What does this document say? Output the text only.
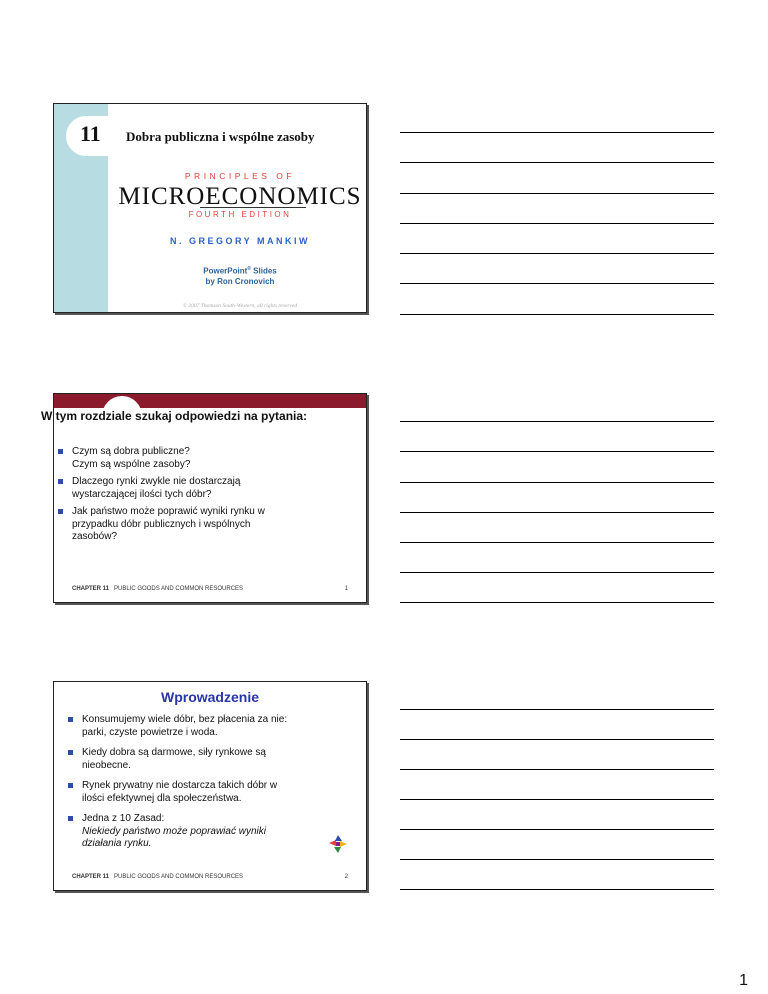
11 Dobra publiczna i wspólne zasoby
PRINCIPLES OF
MICROECONOMICS
FOURTH EDITION
N. GREGORY MANKIW
PowerPoint® Slides
by Ron Cronovich
© 2007 Thomson South-Western, all rights reserved
W tym rozdziale szukaj odpowiedzi na pytania:
Czym są dobra publiczne?
Czym są wspólne zasoby?
Dlaczego rynki zwykle nie dostarczają
wystarczającej ilości tych dóbr?
Jak państwo może poprawić wyniki rynku w
przypadku dóbr publicznych i wspólnych
zasobów?
CHAPTER 11 PUBLIC GOODS AND COMMON RESOURCES	1
Wprowadzenie
Konsumujemy wiele dóbr, bez płacenia za nie:
parki, czyste powietrze i woda.
Kiedy dobra są darmowe, siły rynkowe są
nieobecne.
Rynek prywatny nie dostarcza takich dóbr w
ilości efektywnej dla społeczeństwa.
Jedna z 10 Zasad:
Niekiedy państwo może poprawiać wyniki
działania rynku.
CHAPTER 11 PUBLIC GOODS AND COMMON RESOURCES	2
1
